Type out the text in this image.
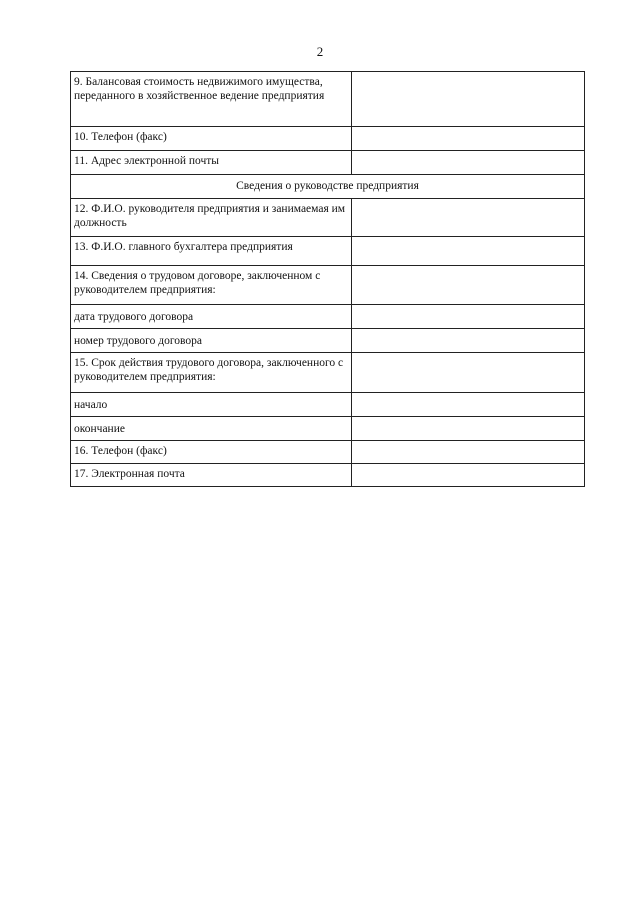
2
9. Балансовая стоимость недвижимого имущества, переданного в хозяйственное ведение предприятия	
10. Телефон (факс)	
11. Адрес электронной почты	
Сведения о руководстве предприятия	
12. Ф.И.О. руководителя предприятия и занимаемая им должность	
13. Ф.И.О. главного бухгалтера предприятия	
14. Сведения о трудовом договоре, заключенном с руководителем предприятия:	
дата трудового договора	
номер трудового договора	
15. Срок действия трудового договора, заключенного с руководителем предприятия:	
начало	
окончание	
16. Телефон (факс)	
17. Электронная почта	
